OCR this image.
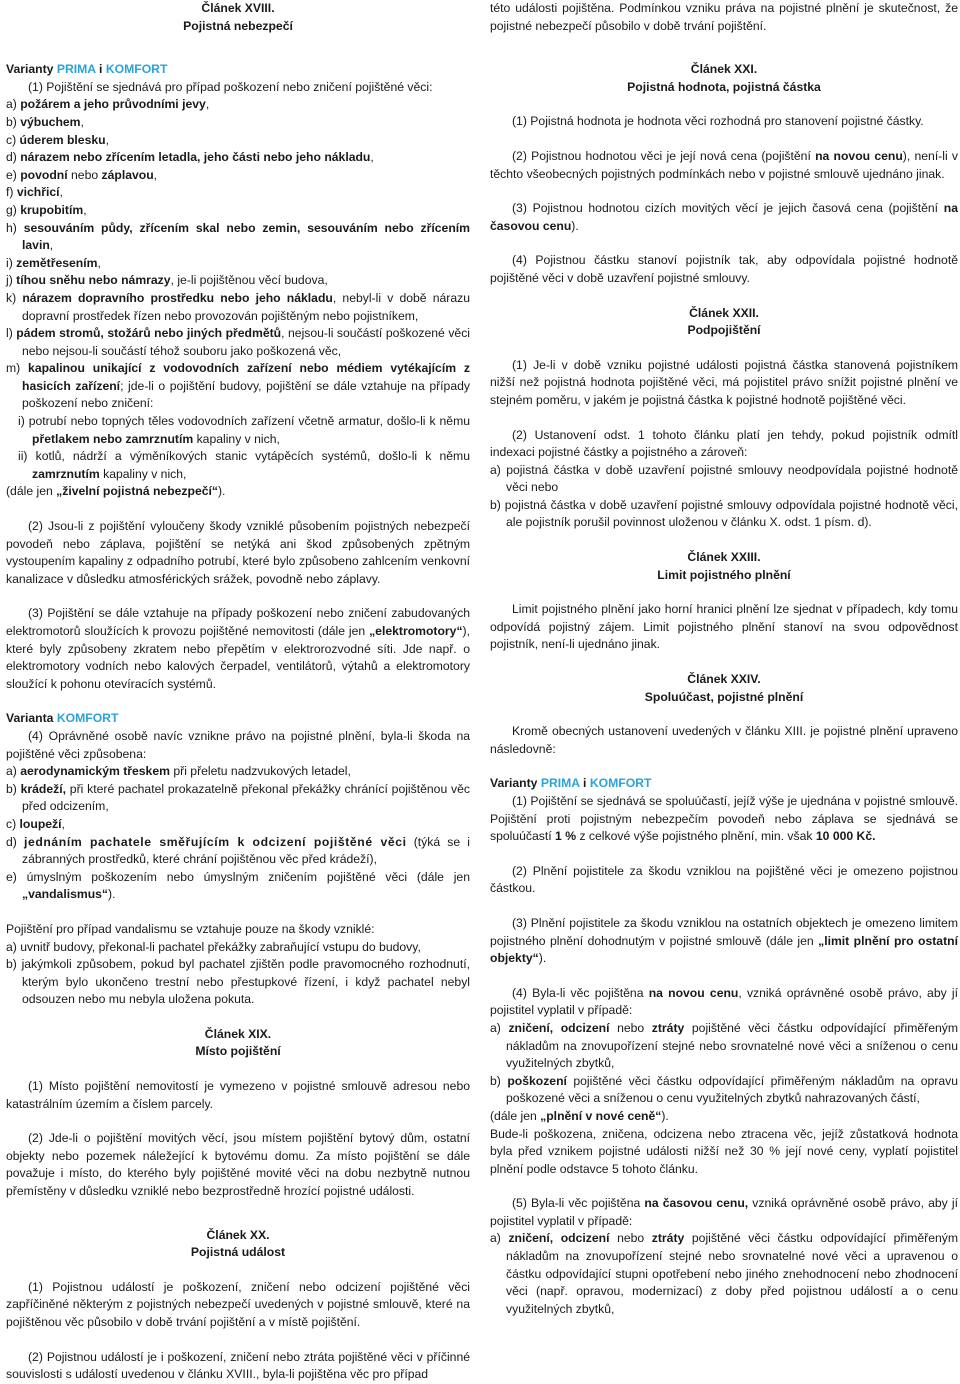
Článek XVIII.

Pojistná nebezpečí

Varianty PRIMA i KOMFORT

(1) Pojištění se sjednává pro případ poškození nebo zničení pojištěné věci:

a) požárem a jeho průvodními jevy,

b) výbuchem,

c) úderem blesku,

d) nárazem nebo zřícením letadla, jeho části nebo jeho nákladu,

e) povodní nebo záplavou,

f) vichřicí,

g) krupobitím,

h) sesouváním půdy, zřícením skal nebo zemin, sesouváním nebo zřícením lavin,

i) zemětřesením,

j) tíhou sněhu nebo námrazy, je-li pojištěnou věcí budova,

k) nárazem dopravního prostředku nebo jeho nákladu, nebyl-li v době nárazu dopravní prostředek řízen nebo provozován pojištěným nebo pojistníkem,

l) pádem stromů, stožárů nebo jiných předmětů, nejsou-li součástí poškozené věci nebo nejsou-li součástí téhož souboru jako poškozená věc,

m) kapalinou unikající z vodovodních zařízení nebo médiem vytékajícím z hasicích zařízení; jde-li o pojištění budovy, pojištění se dále vztahuje na případy poškození nebo zničení:

i) potrubí nebo topných těles vodovodních zařízení včetně armatur, došlo-li k němu přetlakem nebo zamrznutím kapaliny v nich,

ii) kotlů, nádrží a výměníkových stanic vytápěcích systémů, došlo-li k němu zamrznutím kapaliny v nich,

(dále jen „živelní pojistná nebezpečí“).

(2) Jsou-li z pojištění vyloučeny škody vzniklé působením pojistných nebezpečí povodeň nebo záplava, pojištění se netýká ani škod způsobených zpětným vystoupením kapaliny z odpadního potrubí, které bylo způsobeno zahlcením venkovní kanalizace v důsledku atmosférických srážek, povodně nebo záplavy.

(3) Pojištění se dále vztahuje na případy poškození nebo zničení zabudovaných elektromotorů sloužících k provozu pojištěné nemovitosti (dále jen „elektromotory“), které byly způsobeny zkratem nebo přepětím v elektrorozvodné síti. Jde např. o elektromotory vodních nebo kalových čerpadel, ventilátorů, výtahů a elektromotory sloužící k pohonu otevíracích systémů.

Varianta KOMFORT

(4) Oprávněné osobě navíc vznikne právo na pojistné plnění, byla-li škoda na pojištěné věci způsobena:

a) aerodynamickým třeskem při přeletu nadzvukových letadel,

b) krádeží, při které pachatel prokazatelně překonal překážky chránící pojištěnou věc před odcizením,

c) loupeží,

d) jednáním pachatele směřujícím k odcizení pojištěné věci (týká se i zábranných prostředků, které chrání pojištěnou věc před krádeží),

e) úmyslným poškozením nebo úmyslným zničením pojištěné věci (dále jen „vandalismus“).

Pojištění pro případ vandalismu se vztahuje pouze na škody vzniklé:

a) uvnitř budovy, překonal-li pachatel překážky zabraňující vstupu do budovy,

b) jakýmkoli způsobem, pokud byl pachatel zjištěn podle pravomocného rozhodnutí, kterým bylo ukončeno trestní nebo přestupkové řízení, i když pachatel nebyl odsouzen nebo mu nebyla uložena pokuta.

Článek XIX.

Místo pojištění

(1) Místo pojištění nemovitostí je vymezeno v pojistné smlouvě adresou nebo katastrálním územím a číslem parcely.

(2) Jde-li o pojištění movitých věcí, jsou místem pojištění bytový dům, ostatní objekty nebo pozemek náležející k bytovému domu. Za místo pojištění se dále považuje i místo, do kterého byly pojištěné movité věci na dobu nezbytně nutnou přemístěny v důsledku vzniklé nebo bezprostředně hrozící pojistné události.

Článek XX.

Pojistná událost

(1) Pojistnou událostí je poškození, zničení nebo odcizení pojištěné věci zapříčiněné některým z pojistných nebezpečí uvedených v pojistné smlouvě, které na pojištěnou věc působilo v době trvání pojištění a v místě pojištění.

(2) Pojistnou událostí je i poškození, zničení nebo ztráta pojištěné věci v příčinné souvislosti s událostí uvedenou v článku XVIII., byla-li pojištěna věc pro případ

této události pojištěna. Podmínkou vzniku práva na pojistné plnění je skutečnost, že pojistné nebezpečí působilo v době trvání pojištění.

Článek XXI.

Pojistná hodnota, pojistná částka

(1) Pojistná hodnota je hodnota věci rozhodná pro stanovení pojistné částky.

(2) Pojistnou hodnotou věci je její nová cena (pojištění na novou cenu), není-li v těchto všeobecných pojistných podmínkách nebo v pojistné smlouvě ujednáno jinak.

(3) Pojistnou hodnotou cizích movitých věcí je jejich časová cena (pojištění na časovou cenu).

(4) Pojistnou částku stanoví pojistník tak, aby odpovídala pojistné hodnotě pojištěné věci v době uzavření pojistné smlouvy.

Článek XXII.

Podpojištění

(1) Je-li v době vzniku pojistné události pojistná částka stanovená pojistníkem nižší než pojistná hodnota pojištěné věci, má pojistitel právo snížit pojistné plnění ve stejném poměru, v jakém je pojistná částka k pojistné hodnotě pojištěné věci.

(2) Ustanovení odst. 1 tohoto článku platí jen tehdy, pokud pojistník odmítl indexaci pojistné částky a pojistného a zároveň:

a) pojistná částka v době uzavření pojistné smlouvy neodpovídala pojistné hodnotě věci nebo

b) pojistná částka v době uzavření pojistné smlouvy odpovídala pojistné hodnotě věci, ale pojistník porušil povinnost uloženou v článku X. odst. 1 písm. d).

Článek XXIII.

Limit pojistného plnění

Limit pojistného plnění jako horní hranici plnění lze sjednat v případech, kdy tomu odpovídá pojistný zájem. Limit pojistného plnění stanoví na svou odpovědnost pojistník, není-li ujednáno jinak.

Článek XXIV.

Spoluúčast, pojistné plnění

Kromě obecných ustanovení uvedených v článku XIII. je pojistné plnění upraveno následovně:

Varianty PRIMA i KOMFORT

(1) Pojištění se sjednává se spoluúčastí, jejíž výše je ujednána v pojistné smlouvě. Pojištění proti pojistným nebezpečím povodeň nebo záplava se sjednává se spoluúčastí 1 % z celkové výše pojistného plnění, min. však 10 000 Kč.

(2) Plnění pojistitele za škodu vzniklou na pojištěné věci je omezeno pojistnou částkou.

(3) Plnění pojistitele za škodu vzniklou na ostatních objektech je omezeno limitem pojistného plnění dohodnutým v pojistné smlouvě (dále jen „limit plnění pro ostatní objekty“).

(4) Byla-li věc pojištěna na novou cenu, vzniká oprávněné osobě právo, aby jí pojistitel vyplatil v případě:

a) zničení, odcizení nebo ztráty pojištěné věci částku odpovídající přiměřeným nákladům na znovupořízení stejné nebo srovnatelné nové věci a sníženou o cenu využitelných zbytků,

b) poškození pojištěné věci částku odpovídající přiměřeným nákladům na opravu poškozené věci a sníženou o cenu využitelných zbytků nahrazovaných částí,

(dále jen „plnění v nové ceně“).

Bude-li poškozena, zničena, odcizena nebo ztracena věc, jejíž zůstatková hodnota byla před vznikem pojistné události nižší než 30 % její nové ceny, vyplatí pojistitel plnění podle odstavce 5 tohoto článku.

(5) Byla-li věc pojištěna na časovou cenu, vzniká oprávněné osobě právo, aby jí pojistitel vyplatil v případě:

a) zničení, odcizení nebo ztráty pojištěné věci částku odpovídající přiměřeným nákladům na znovupořízení stejné nebo srovnatelné nové věci a upravenou o částku odpovídající stupni opotřebení nebo jiného znehodnocení nebo zhodnocení věci (např. opravou, modernizací) z doby před pojistnou událostí a o cenu využitelných zbytků,
